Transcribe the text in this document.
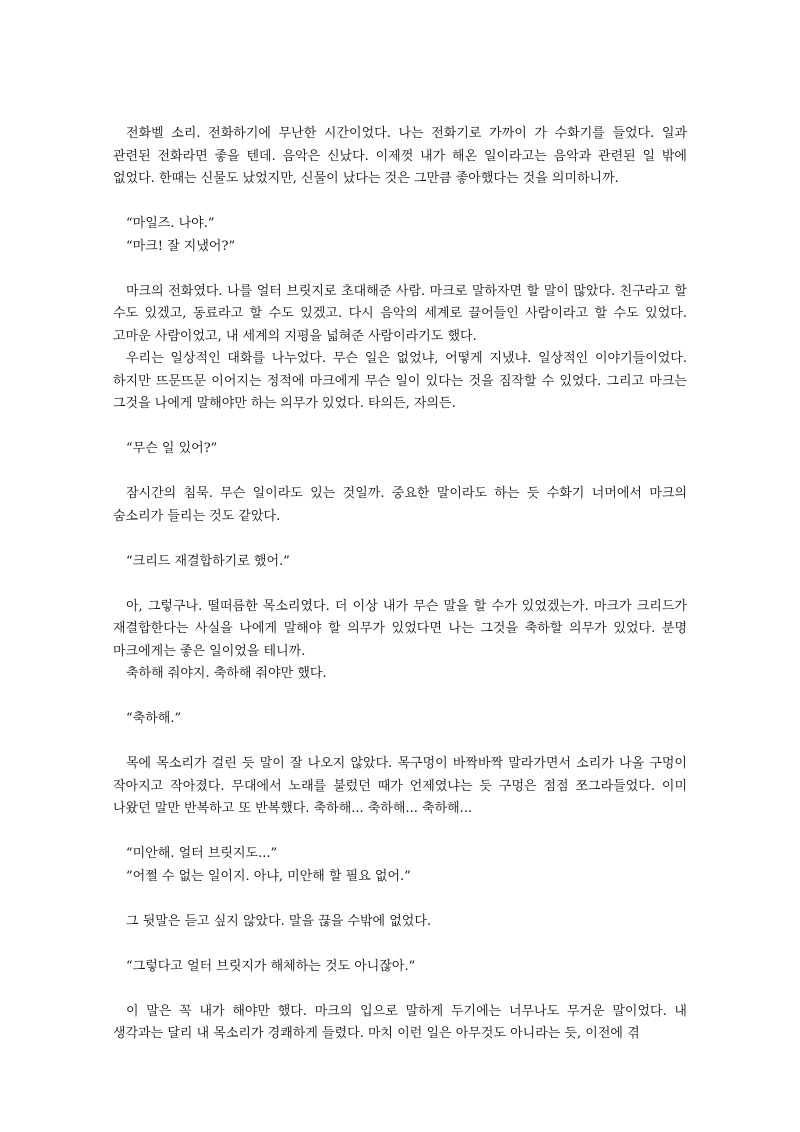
전화벨 소리. 전화하기에 무난한 시간이었다. 나는 전화기로 가까이 가 수화기를 들었다. 일과 관련된 전화라면 좋을 텐데. 음악은 신났다. 이제껏 내가 해온 일이라고는 음악과 관련된 일 밖에 없었다. 한때는 신물도 났었지만, 신물이 났다는 것은 그만큼 좋아했다는 것을 의미하니까.

“마일즈. 나야.”

“마크! 잘 지냈어?”

마크의 전화였다. 나를 얼터 브릿지로 초대해준 사람. 마크로 말하자면 할 말이 많았다. 친구라고 할 수도 있겠고, 동료라고 할 수도 있겠고. 다시 음악의 세계로 끌어들인 사람이라고 할 수도 있었다. 고마운 사람이었고, 내 세계의 지평을 넓혀준 사람이라기도 했다.

우리는 일상적인 대화를 나누었다. 무슨 일은 없었냐, 어떻게 지냈냐. 일상적인 이야기들이었다. 하지만 뜨문뜨문 이어지는 정적에 마크에게 무슨 일이 있다는 것을 짐작할 수 있었다. 그리고 마크는 그것을 나에게 말해야만 하는 의무가 있었다. 타의든, 자의든.

“무슨 일 있어?”

잠시간의 침묵. 무슨 일이라도 있는 것일까. 중요한 말이라도 하는 듯 수화기 너머에서 마크의 숨소리가 들리는 것도 같았다.

“크리드 재결합하기로 했어.”

아, 그렇구나. 떨떠름한 목소리였다. 더 이상 내가 무슨 말을 할 수가 있었겠는가. 마크가 크리드가 재결합한다는 사실을 나에게 말해야 할 의무가 있었다면 나는 그것을 축하할 의무가 있었다. 분명 마크에게는 좋은 일이었을 테니까.

축하해 줘야지. 축하해 줘야만 했다.

“축하해.”

목에 목소리가 걸린 듯 말이 잘 나오지 않았다. 목구멍이 바짝바짝 말라가면서 소리가 나올 구멍이 작아지고 작아졌다. 무대에서 노래를 불렀던 때가 언제였냐는 듯 구멍은 점점 쪼그라들었다. 이미 나왔던 말만 반복하고 또 반복했다. 축하해... 축하해... 축하해...

“미안해. 얼터 브릿지도...”

“어쩔 수 없는 일이지. 아냐, 미안해 할 필요 없어.”

그 뒷말은 듣고 싶지 않았다. 말을 끊을 수밖에 없었다.

“그렇다고 얼터 브릿지가 해체하는 것도 아니잖아.”

이 말은 꼭 내가 해야만 했다. 마크의 입으로 말하게 두기에는 너무나도 무거운 말이었다. 내 생각과는 달리 내 목소리가 경쾌하게 들렸다. 마치 이런 일은 아무것도 아니라는 듯, 이전에 겪
